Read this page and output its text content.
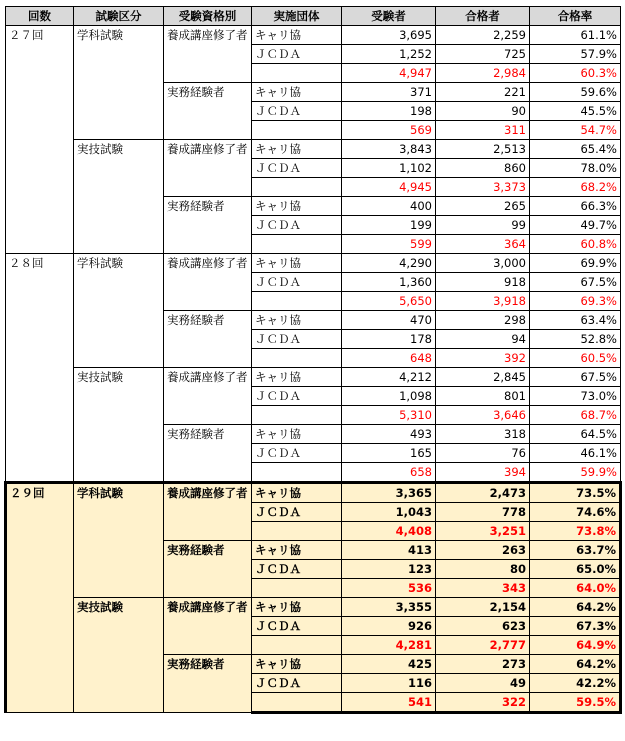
回数	試験区分	受験資格別	実施団体	受験者	合格者	合格率
２７回	学科試験	養成講座修了者	キャリ協	3,695	2,259	61.1%
			ＪＣＤＡ	1,252	725	57.9%
				4,947	2,984	60.3%
		実務経験者	キャリ協	371	221	59.6%
			ＪＣＤＡ	198	90	45.5%
				569	311	54.7%
	実技試験	養成講座修了者	キャリ協	3,843	2,513	65.4%
			ＪＣＤＡ	1,102	860	78.0%
				4,945	3,373	68.2%
		実務経験者	キャリ協	400	265	66.3%
			ＪＣＤＡ	199	99	49.7%
				599	364	60.8%
２８回	学科試験	養成講座修了者	キャリ協	4,290	3,000	69.9%
			ＪＣＤＡ	1,360	918	67.5%
				5,650	3,918	69.3%
		実務経験者	キャリ協	470	298	63.4%
			ＪＣＤＡ	178	94	52.8%
				648	392	60.5%
	実技試験	養成講座修了者	キャリ協	4,212	2,845	67.5%
			ＪＣＤＡ	1,098	801	73.0%
				5,310	3,646	68.7%
		実務経験者	キャリ協	493	318	64.5%
			ＪＣＤＡ	165	76	46.1%
				658	394	59.9%
２９回	学科試験	養成講座修了者	キャリ協	3,365	2,473	73.5%
			ＪＣＤＡ	1,043	778	74.6%
				4,408	3,251	73.8%
		実務経験者	キャリ協	413	263	63.7%
			ＪＣＤＡ	123	80	65.0%
				536	343	64.0%
	実技試験	養成講座修了者	キャリ協	3,355	2,154	64.2%
			ＪＣＤＡ	926	623	67.3%
				4,281	2,777	64.9%
		実務経験者	キャリ協	425	273	64.2%
			ＪＣＤＡ	116	49	42.2%
				541	322	59.5%
